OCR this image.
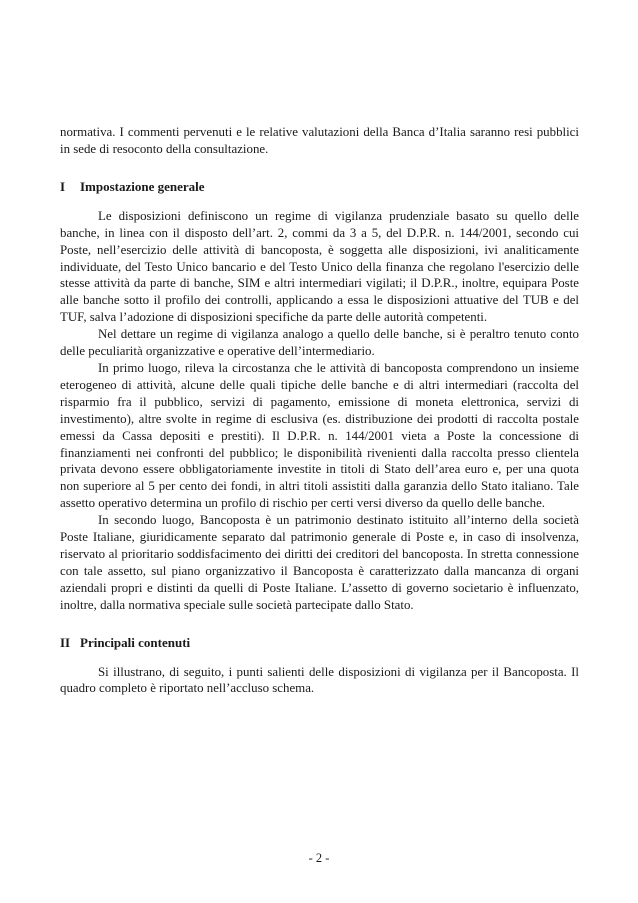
normativa. I commenti pervenuti e le relative valutazioni della Banca d’Italia saranno resi pubblici in sede di resoconto della consultazione.

I Impostazione generale

Le disposizioni definiscono un regime di vigilanza prudenziale basato su quello delle banche, in linea con il disposto dell’art. 2, commi da 3 a 5, del D.P.R. n. 144/2001, secondo cui Poste, nell’esercizio delle attività di bancoposta, è soggetta alle disposizioni, ivi analiticamente individuate, del Testo Unico bancario e del Testo Unico della finanza che regolano l'esercizio delle stesse attività da parte di banche, SIM e altri intermediari vigilati; il D.P.R., inoltre, equipara Poste alle banche sotto il profilo dei controlli, applicando a essa le disposizioni attuative del TUB e del TUF, salva l’adozione di disposizioni specifiche da parte delle autorità competenti.

Nel dettare un regime di vigilanza analogo a quello delle banche, si è peraltro tenuto conto delle peculiarità organizzative e operative dell’intermediario.

In primo luogo, rileva la circostanza che le attività di bancoposta comprendono un insieme eterogeneo di attività, alcune delle quali tipiche delle banche e di altri intermediari (raccolta del risparmio fra il pubblico, servizi di pagamento, emissione di moneta elettronica, servizi di investimento), altre svolte in regime di esclusiva (es. distribuzione dei prodotti di raccolta postale emessi da Cassa depositi e prestiti). Il D.P.R. n. 144/2001 vieta a Poste la concessione di finanziamenti nei confronti del pubblico; le disponibilità rivenienti dalla raccolta presso clientela privata devono essere obbligatoriamente investite in titoli di Stato dell’area euro e, per una quota non superiore al 5 per cento dei fondi, in altri titoli assistiti dalla garanzia dello Stato italiano. Tale assetto operativo determina un profilo di rischio per certi versi diverso da quello delle banche.

In secondo luogo, Bancoposta è un patrimonio destinato istituito all’interno della società Poste Italiane, giuridicamente separato dal patrimonio generale di Poste e, in caso di insolvenza, riservato al prioritario soddisfacimento dei diritti dei creditori del bancoposta. In stretta connessione con tale assetto, sul piano organizzativo il Bancoposta è caratterizzato dalla mancanza di organi aziendali propri e distinti da quelli di Poste Italiane. L’assetto di governo societario è influenzato, inoltre, dalla normativa speciale sulle società partecipate dallo Stato.

II Principali contenuti

Si illustrano, di seguito, i punti salienti delle disposizioni di vigilanza per il Bancoposta. Il quadro completo è riportato nell’accluso schema.

- 2 -
